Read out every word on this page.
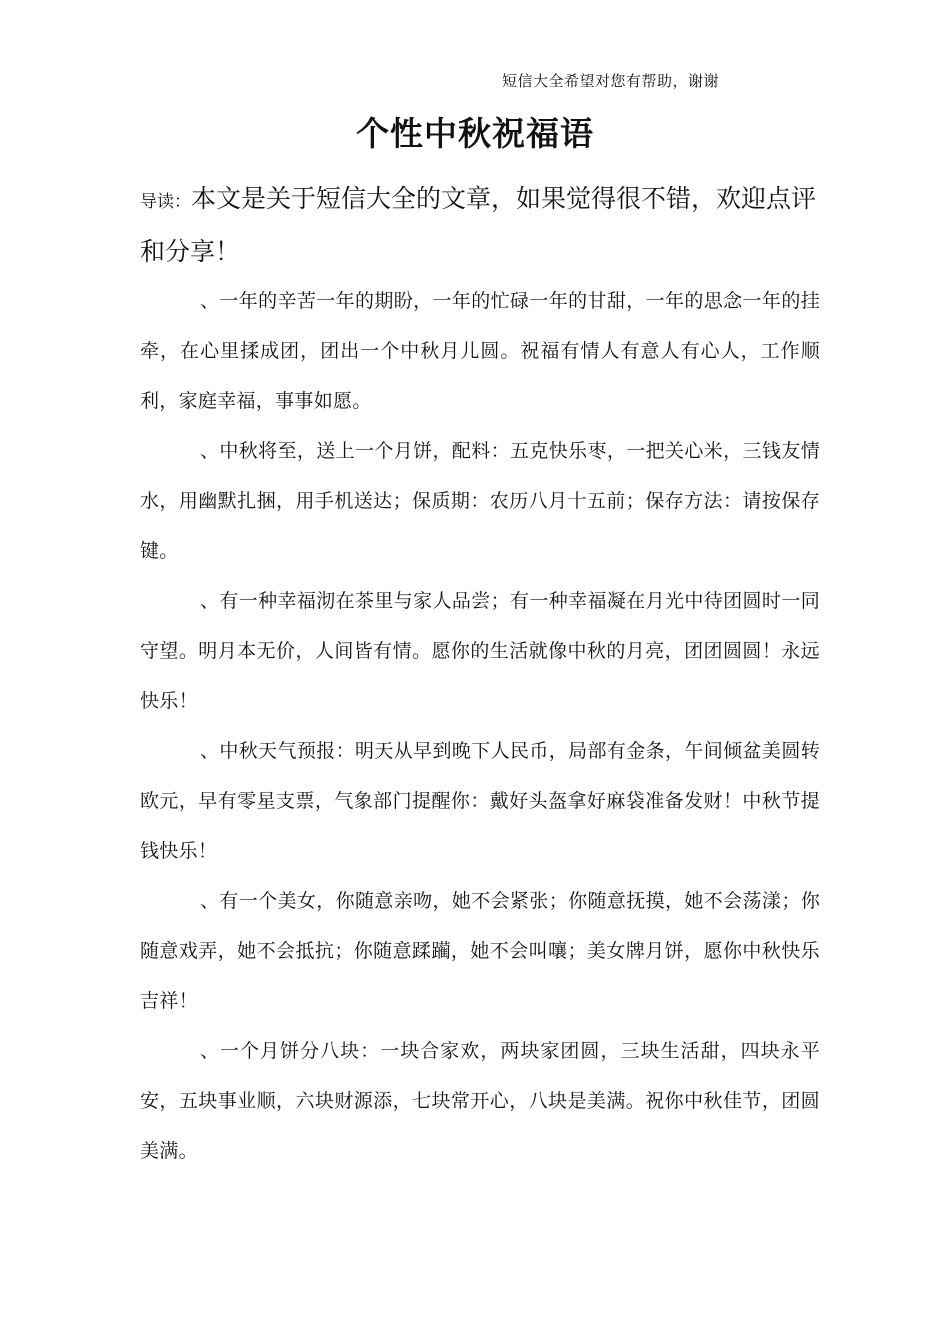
短信大全希望对您有帮助，谢谢
个性中秋祝福语

导读：本文是关于短信大全的文章，如果觉得很不错，欢迎点评和分享！

、一年的辛苦一年的期盼，一年的忙碌一年的甘甜，一年的思念一年的挂牵，在心里揉成团，团出一个中秋月儿圆。祝福有情人有意人有心人，工作顺利，家庭幸福，事事如愿。

、中秋将至，送上一个月饼，配料：五克快乐枣，一把关心米，三钱友情水，用幽默扎捆，用手机送达；保质期：农历八月十五前；保存方法：请按保存键。

、有一种幸福沏在茶里与家人品尝；有一种幸福凝在月光中待团圆时一同守望。明月本无价，人间皆有情。愿你的生活就像中秋的月亮，团团圆圆！永远快乐！

、中秋天气预报：明天从早到晚下人民币，局部有金条，午间倾盆美圆转欧元，早有零星支票，气象部门提醒你：戴好头盔拿好麻袋准备发财！中秋节提钱快乐！

、有一个美女，你随意亲吻，她不会紧张；你随意抚摸，她不会荡漾；你随意戏弄，她不会抵抗；你随意蹂躏，她不会叫嚷；美女牌月饼，愿你中秋快乐吉祥！

、一个月饼分八块：一块合家欢，两块家团圆，三块生活甜，四块永平安，五块事业顺，六块财源添，七块常开心，八块是美满。祝你中秋佳节，团圆美满。
